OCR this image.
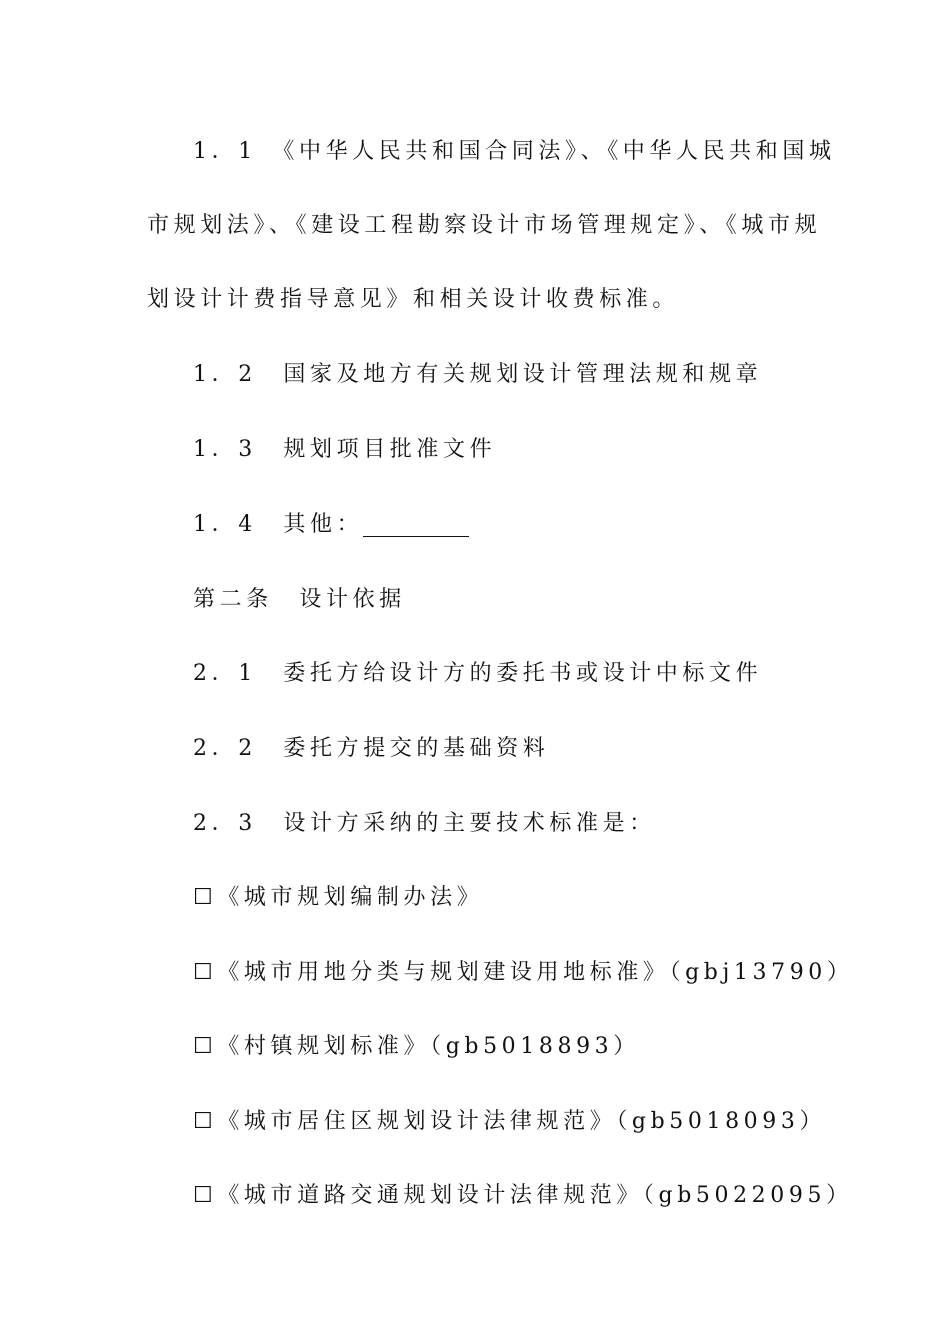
1．1　《中华人民共和国合同法》、《中华人民共和国城
市规划法》、《建设工程勘察设计市场管理规定》、《城市规
划设计计费指导意见》和相关设计收费标准。
1．2　国家及地方有关规划设计管理法规和规章
1．3　规划项目批准文件
1．4　其他：
第二条　设计依据
2．1　委托方给设计方的委托书或设计中标文件
2．2　委托方提交的基础资料
2．3　设计方采纳的主要技术标准是：
☐《城市规划编制办法》
☐《城市用地分类与规划建设用地标准》（gbj13790）
☐《村镇规划标准》（gb5018893）
☐《城市居住区规划设计法律规范》（gb5018093）
☐《城市道路交通规划设计法律规范》（gb5022095）
